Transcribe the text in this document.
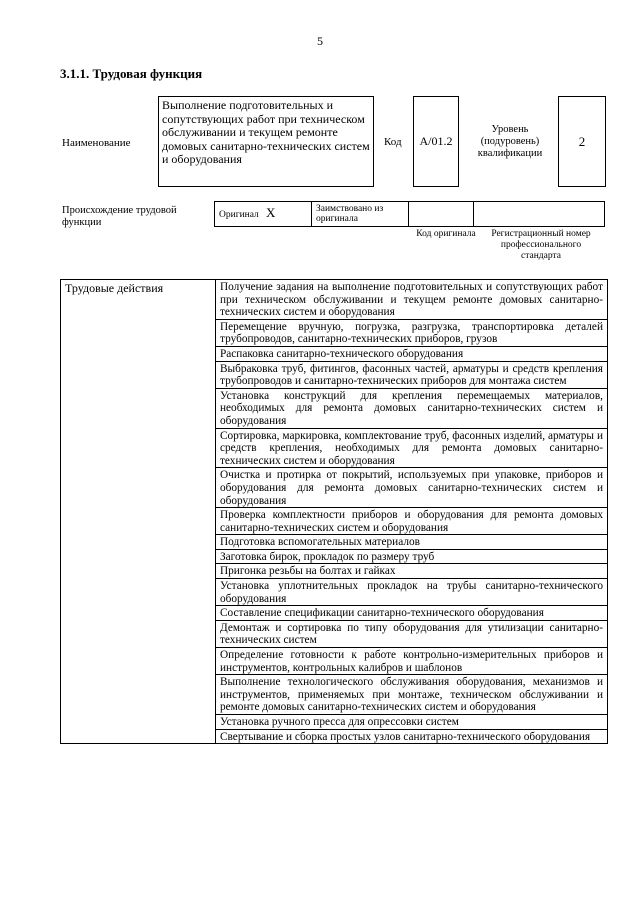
5
3.1.1. Трудовая функция
Наименование
Выполнение подготовительных и сопутствующих работ при техническом обслуживании и текущем ремонте домовых санитарно-технических систем и оборудования
Код A/01.2
Уровень (подуровень) квалификации
2
Происхождение трудовой функции
Оригинал X	Заимствовано из оригинала		
Код оригинала	Регистрационный номер профессионального стандарта
Трудовые действия	Получение задания на выполнение подготовительных и сопутствующих работ при техническом обслуживании и текущем ремонте домовых санитарно-технических систем и оборудования
Перемещение вручную, погрузка, разгрузка, транспортировка деталей трубопроводов, санитарно-технических приборов, грузов
Распаковка санитарно-технического оборудования
Выбраковка труб, фитингов, фасонных частей, арматуры и средств крепления трубопроводов и санитарно-технических приборов для монтажа систем
Установка конструкций для крепления перемещаемых материалов, необходимых для ремонта домовых санитарно-технических систем и оборудования
Сортировка, маркировка, комплектование труб, фасонных изделий, арматуры и средств крепления, необходимых для ремонта домовых санитарно-технических систем и оборудования
Очистка и протирка от покрытий, используемых при упаковке, приборов и оборудования для ремонта домовых санитарно-технических систем и оборудования
Проверка комплектности приборов и оборудования для ремонта домовых санитарно-технических систем и оборудования
Подготовка вспомогательных материалов
Заготовка бирок, прокладок по размеру труб
Пригонка резьбы на болтах и гайках
Установка уплотнительных прокладок на трубы санитарно-технического оборудования
Составление спецификации санитарно-технического оборудования
Демонтаж и сортировка по типу оборудования для утилизации санитарно-технических систем
Определение готовности к работе контрольно-измерительных приборов и инструментов, контрольных калибров и шаблонов
Выполнение технологического обслуживания оборудования, механизмов и инструментов, применяемых при монтаже, техническом обслуживании и ремонте домовых санитарно-технических систем и оборудования
Установка ручного пресса для опрессовки систем
Свертывание и сборка простых узлов санитарно-технического оборудования
